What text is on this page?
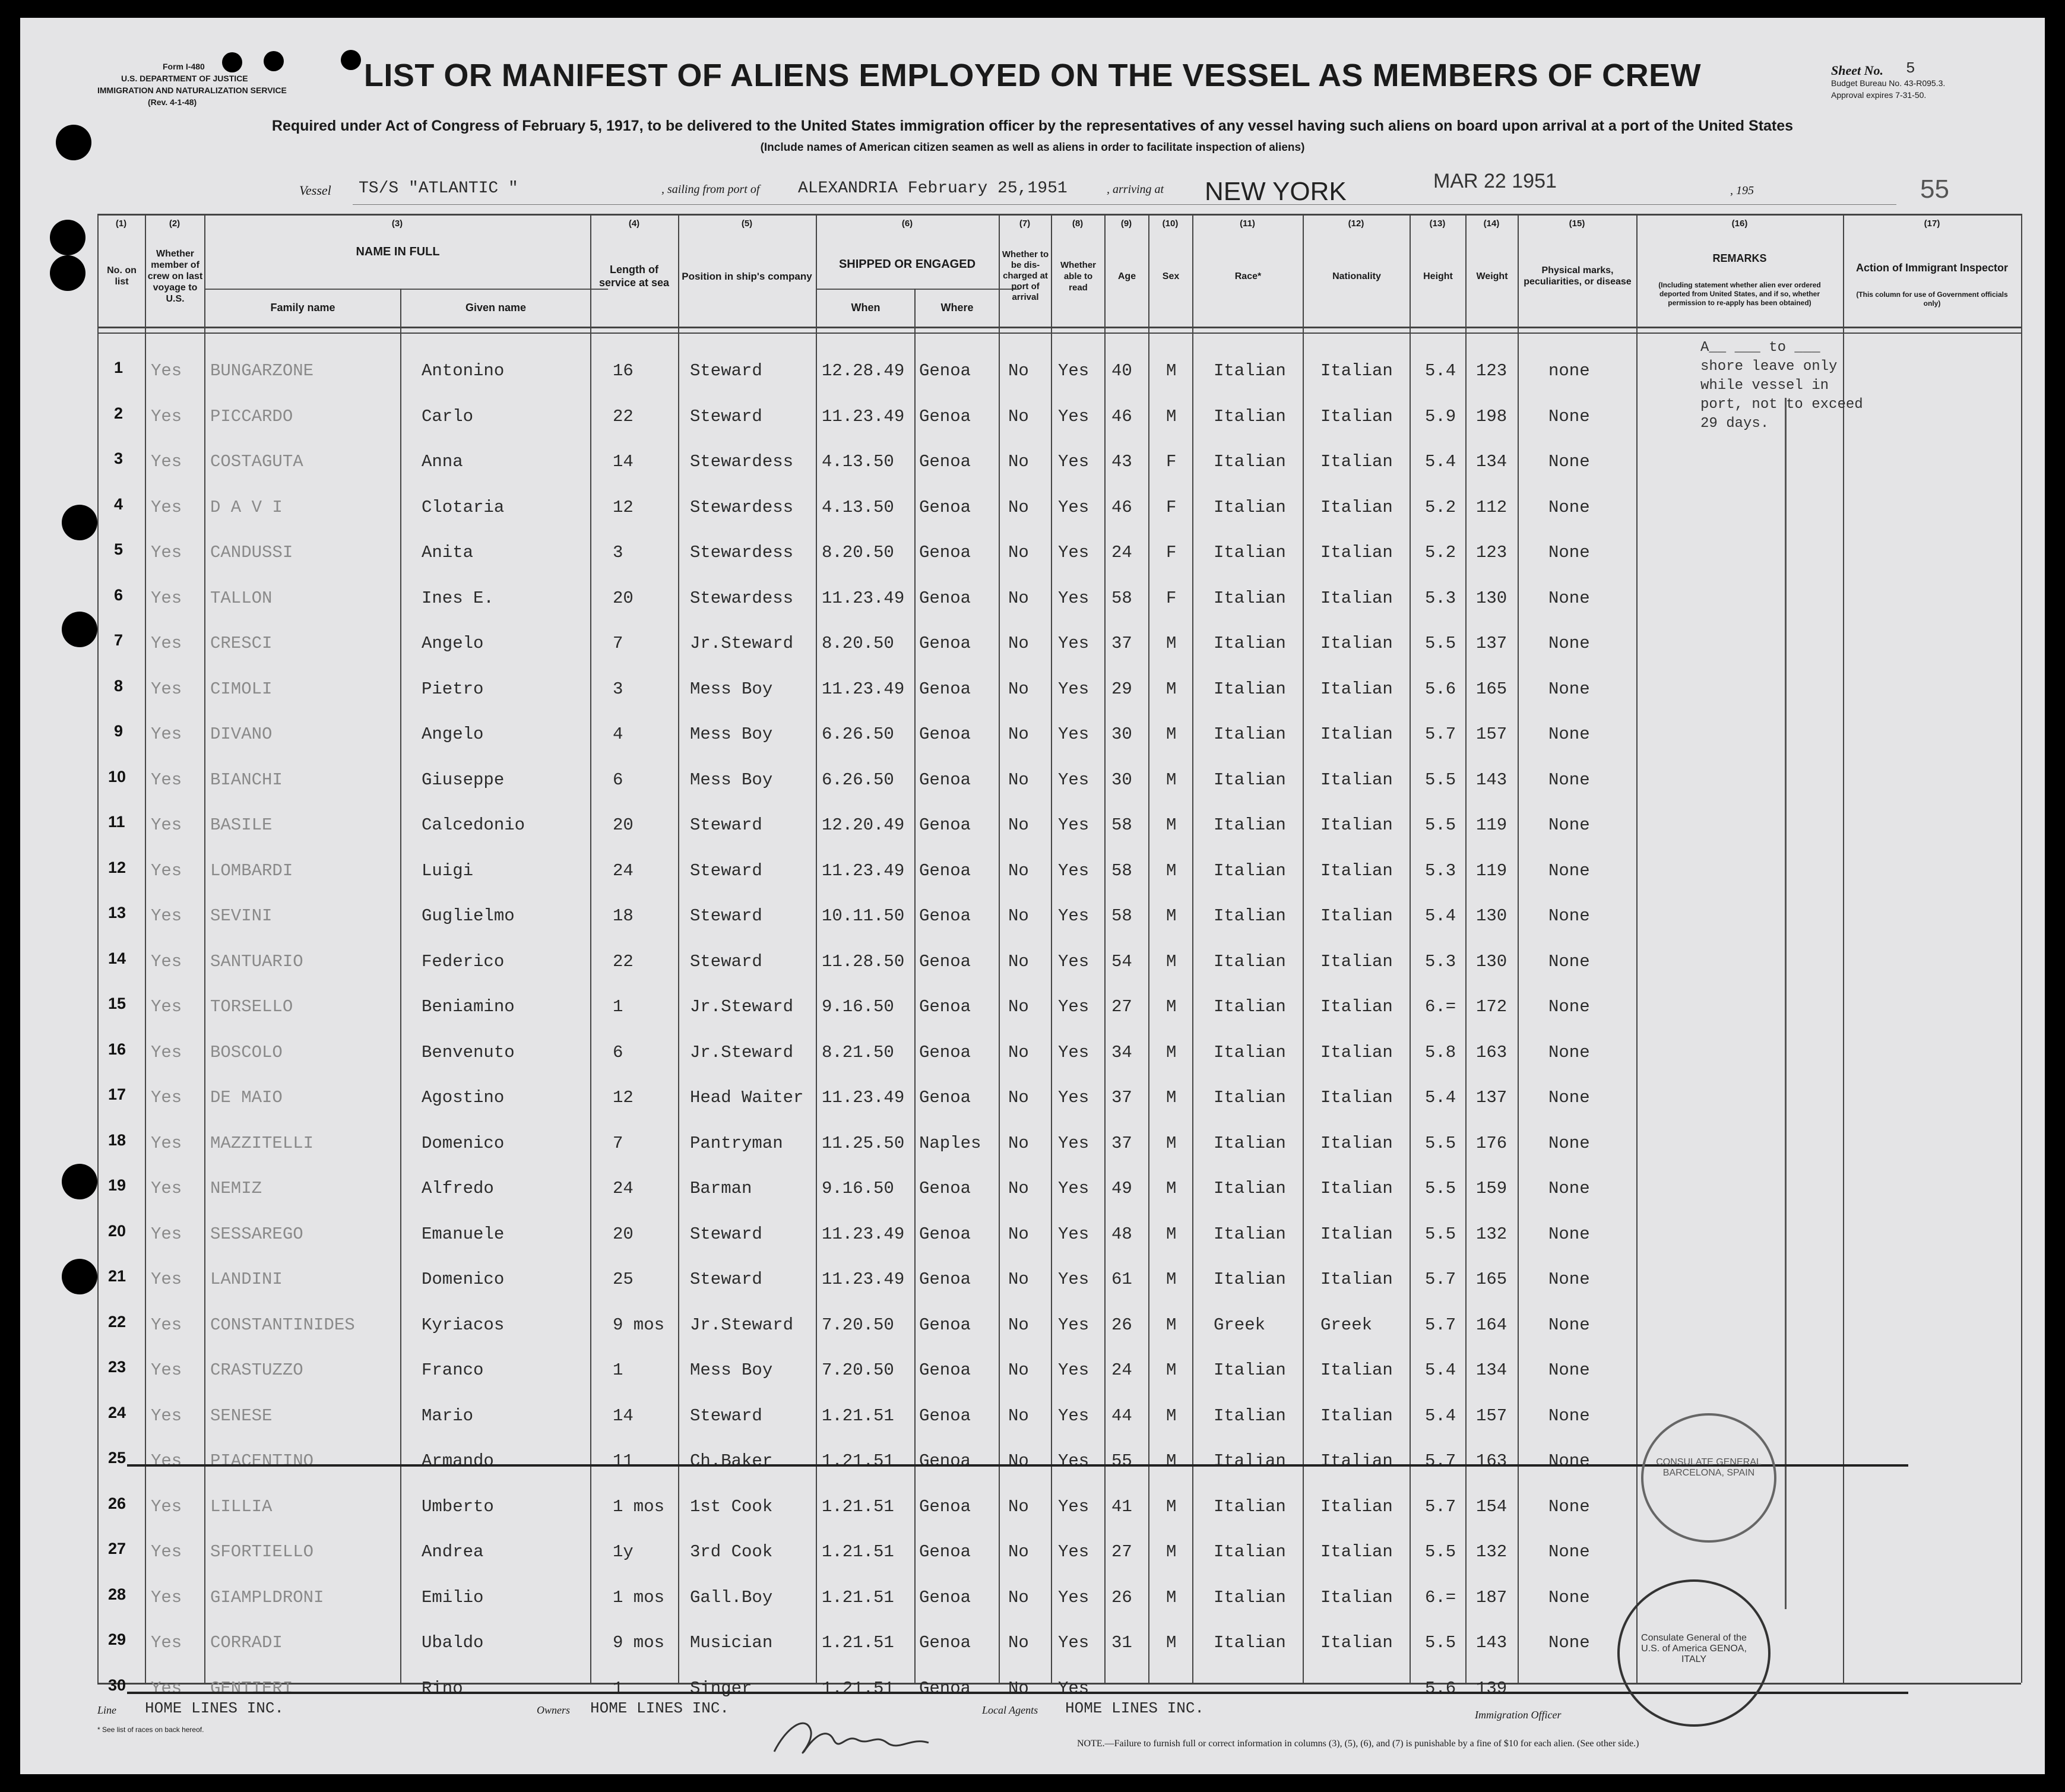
Form I-480
U.S. DEPARTMENT OF JUSTICE
IMMIGRATION AND NATURALIZATION SERVICE
(Rev. 4-1-48)
Sheet No. 5
Budget Bureau No. 43-R095.3.
Approval expires 7-31-50.
LIST OR MANIFEST OF ALIENS EMPLOYED ON THE VESSEL AS MEMBERS OF CREW
Required under Act of Congress of February 5, 1917, to be delivered to the United States immigration officer by the representatives of any vessel having such aliens on board upon arrival at a port of the United States
(Include names of American citizen seamen as well as aliens in order to facilitate inspection of aliens)
Vessel TS/S "ATLANTIC "	, sailing from port of ALEXANDRIA February 25,1951	, arriving at NEW YORK	MAR 22 1951	, 195	55
(1)	(2)	(3)	(4)	(5)	(6)	(7)	(8)	(9)	(10)	(11)	(12)	(13)	(14)	(15)	(16)	(17)
No. on list
Whether member of crew on last voyage to U.S.
NAME IN FULL
Family name	Given name
Length of service at sea
Position in ship's company
SHIPPED OR ENGAGED
When	Where
Whether to be dis-charged at port of arrival
Whether able to read
Age	Sex	Race*	Nationality	Height	Weight
Physical marks, peculiarities, or disease
REMARKS
(Including statement whether alien ever ordered deported from United States, and if so, whether permission to re-apply has been obtained)
Action of Immigrant Inspector
(This column for use of Government officials only)
A__ ___ to ___ shore leave only while vessel in port, not to exceed 29 days.
1 Yes BUNGARZONE	Antonino	16	Steward	12.28.49 Genoa No Yes 40 M Italian Italian 5.4 123 none
2 Yes PICCARDO	Carlo	22	Steward	11.23.49 Genoa No Yes 46 M Italian Italian 5.9 198 None
3 Yes COSTAGUTA	Anna	14	Stewardess 4.13.50 Genoa No Yes 43 F Italian Italian 5.4 134 None
4 Yes D A V I	Clotaria	12	Stewardess 4.13.50 Genoa No Yes 46 F Italian Italian 5.2 112 None
5 Yes CANDUSSI	Anita	3	Stewardess 8.20.50 Genoa No Yes 24 F Italian Italian 5.2 123 None
6 Yes TALLON	Ines E.	20	Stewardess 11.23.49 Genoa No Yes 58 F Italian Italian 5.3 130 None
7 Yes CRESCI	Angelo	7	Jr.Steward 8.20.50 Genoa No Yes 37 M Italian Italian 5.5 137 None
8 Yes CIMOLI	Pietro	3	Mess Boy	11.23.49 Genoa No Yes 29 M Italian Italian 5.6 165 None
9 Yes DIVANO	Angelo	4	Mess Boy	6.26.50 Genoa No Yes 30 M Italian Italian 5.7 157 None
10 Yes BIANCHI	Giuseppe	6	Mess Boy	6.26.50 Genoa No Yes 30 M Italian Italian 5.5 143 None
11 Yes BASILE	Calcedonio	20	Steward	12.20.49 Genoa No Yes 58 M Italian Italian 5.5 119 None
12 Yes LOMBARDI	Luigi	24	Steward	11.23.49 Genoa No Yes 58 M Italian Italian 5.3 119 None
13 Yes SEVINI	Guglielmo	18	Steward	10.11.50 Genoa No Yes 58 M Italian Italian 5.4 130 None
14 Yes SANTUARIO	Federico	22	Steward	11.28.50 Genoa No Yes 54 M Italian Italian 5.3 130 None
15 Yes TORSELLO	Beniamino	1	Jr.Steward 9.16.50 Genoa No Yes 27 M Italian Italian 6.= 172 None
16 Yes BOSCOLO	Benvenuto	6	Jr.Steward 8.21.50 Genoa No Yes 34 M Italian Italian 5.8 163 None
17 Yes DE MAIO	Agostino	12	Head Waiter 11.23.49 Genoa No Yes 37 M Italian Italian 5.4 137 None
18 Yes MAZZITELLI	Domenico	7	Pantryman 11.25.50 Naples No Yes 37 M Italian Italian 5.5 176 None
19 Yes NEMIZ	Alfredo	24	Barman	9.16.50 Genoa No Yes 49 M Italian Italian 5.5 159 None
20 Yes SESSAREGO	Emanuele	20	Steward	11.23.49 Genoa No Yes 48 M Italian Italian 5.5 132 None
21 Yes LANDINI	Domenico	25	Steward	11.23.49 Genoa No Yes 61 M Italian Italian 5.7 165 None
22 Yes CONSTANTINIDES	Kyriacos	9 mos Jr.Steward 7.20.50 Genoa No Yes 26 M Greek	Greek	5.7 164 None
23 Yes CRASTUZZO	Franco	1	Mess Boy	7.20.50 Genoa No Yes 24 M Italian Italian 5.4 134 None
24 Yes SENESE	Mario	14	Steward	1.21.51 Genoa No Yes 44 M Italian Italian 5.4 157 None
25 Yes PIACENTINO	Armando	11	Ch.Baker	1.21.51 Genoa No Yes 55 M Italian Italian 5.7 163 None
26 Yes LILLIA	Umberto	1 mos 1st Cook	1.21.51 Genoa No Yes 41 M Italian Italian 5.7 154 None
27 Yes SFORTIELLO	Andrea	1y	3rd Cook	1.21.51 Genoa No Yes 27 M Italian Italian 5.5 132 None
28 Yes GIAMPLDRONI	Emilio	1 mos Gall.Boy	1.21.51 Genoa No Yes 26 M Italian Italian 6.= 187 None
29 Yes CORRADI	Ubaldo	9 mos Musician	1.21.51 Genoa No Yes 31 M Italian Italian 5.5 143 None
30 Yes GENTIERI	Rino	1	Singer	1.21.51 Genoa No Yes	5.6 139
CONSULATE GENERAL BARCELONA, SPAIN
Consulate General of the U.S. of America GENOA, ITALY
Line HOME LINES INC.	Owners HOME LINES INC.	Local Agents HOME LINES INC.	Immigration Officer
* See list of races on back hereof.
NOTE.—Failure to furnish full or correct information in columns (3), (5), (6), and (7) is punishable by a fine of $10 for each alien. (See other side.)
